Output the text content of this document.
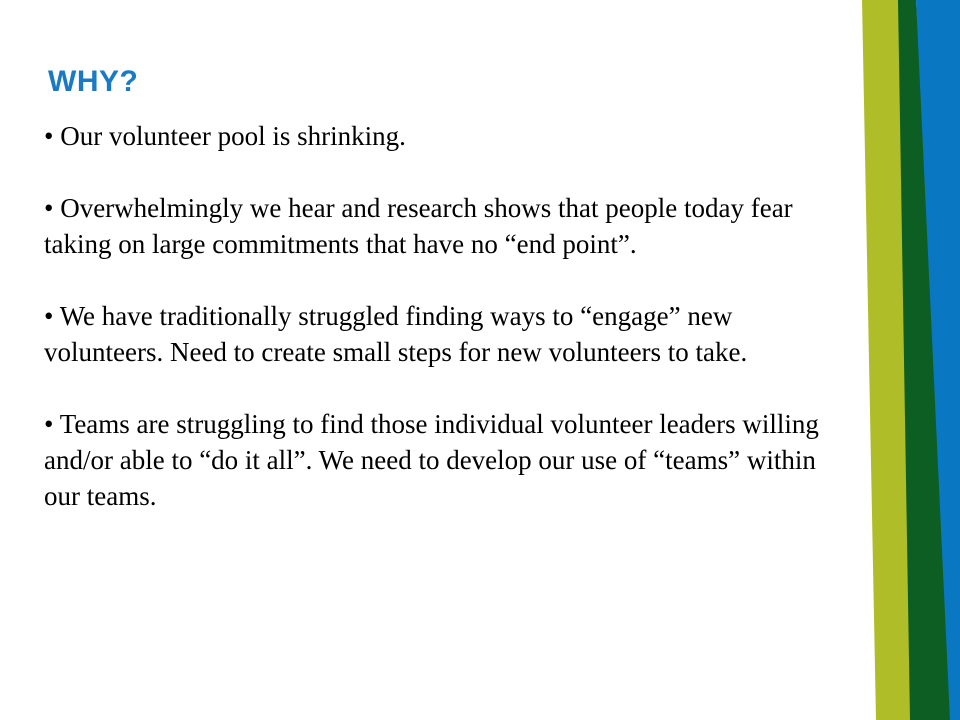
WHY?

• Our volunteer pool is shrinking.

• Overwhelmingly we hear and research shows that people today fear taking on large commitments that have no “end point”.

• We have traditionally struggled finding ways to “engage” new volunteers. Need to create small steps for new volunteers to take.

• Teams are struggling to find those individual volunteer leaders willing and/or able to “do it all”. We need to develop our use of “teams” within our teams.
